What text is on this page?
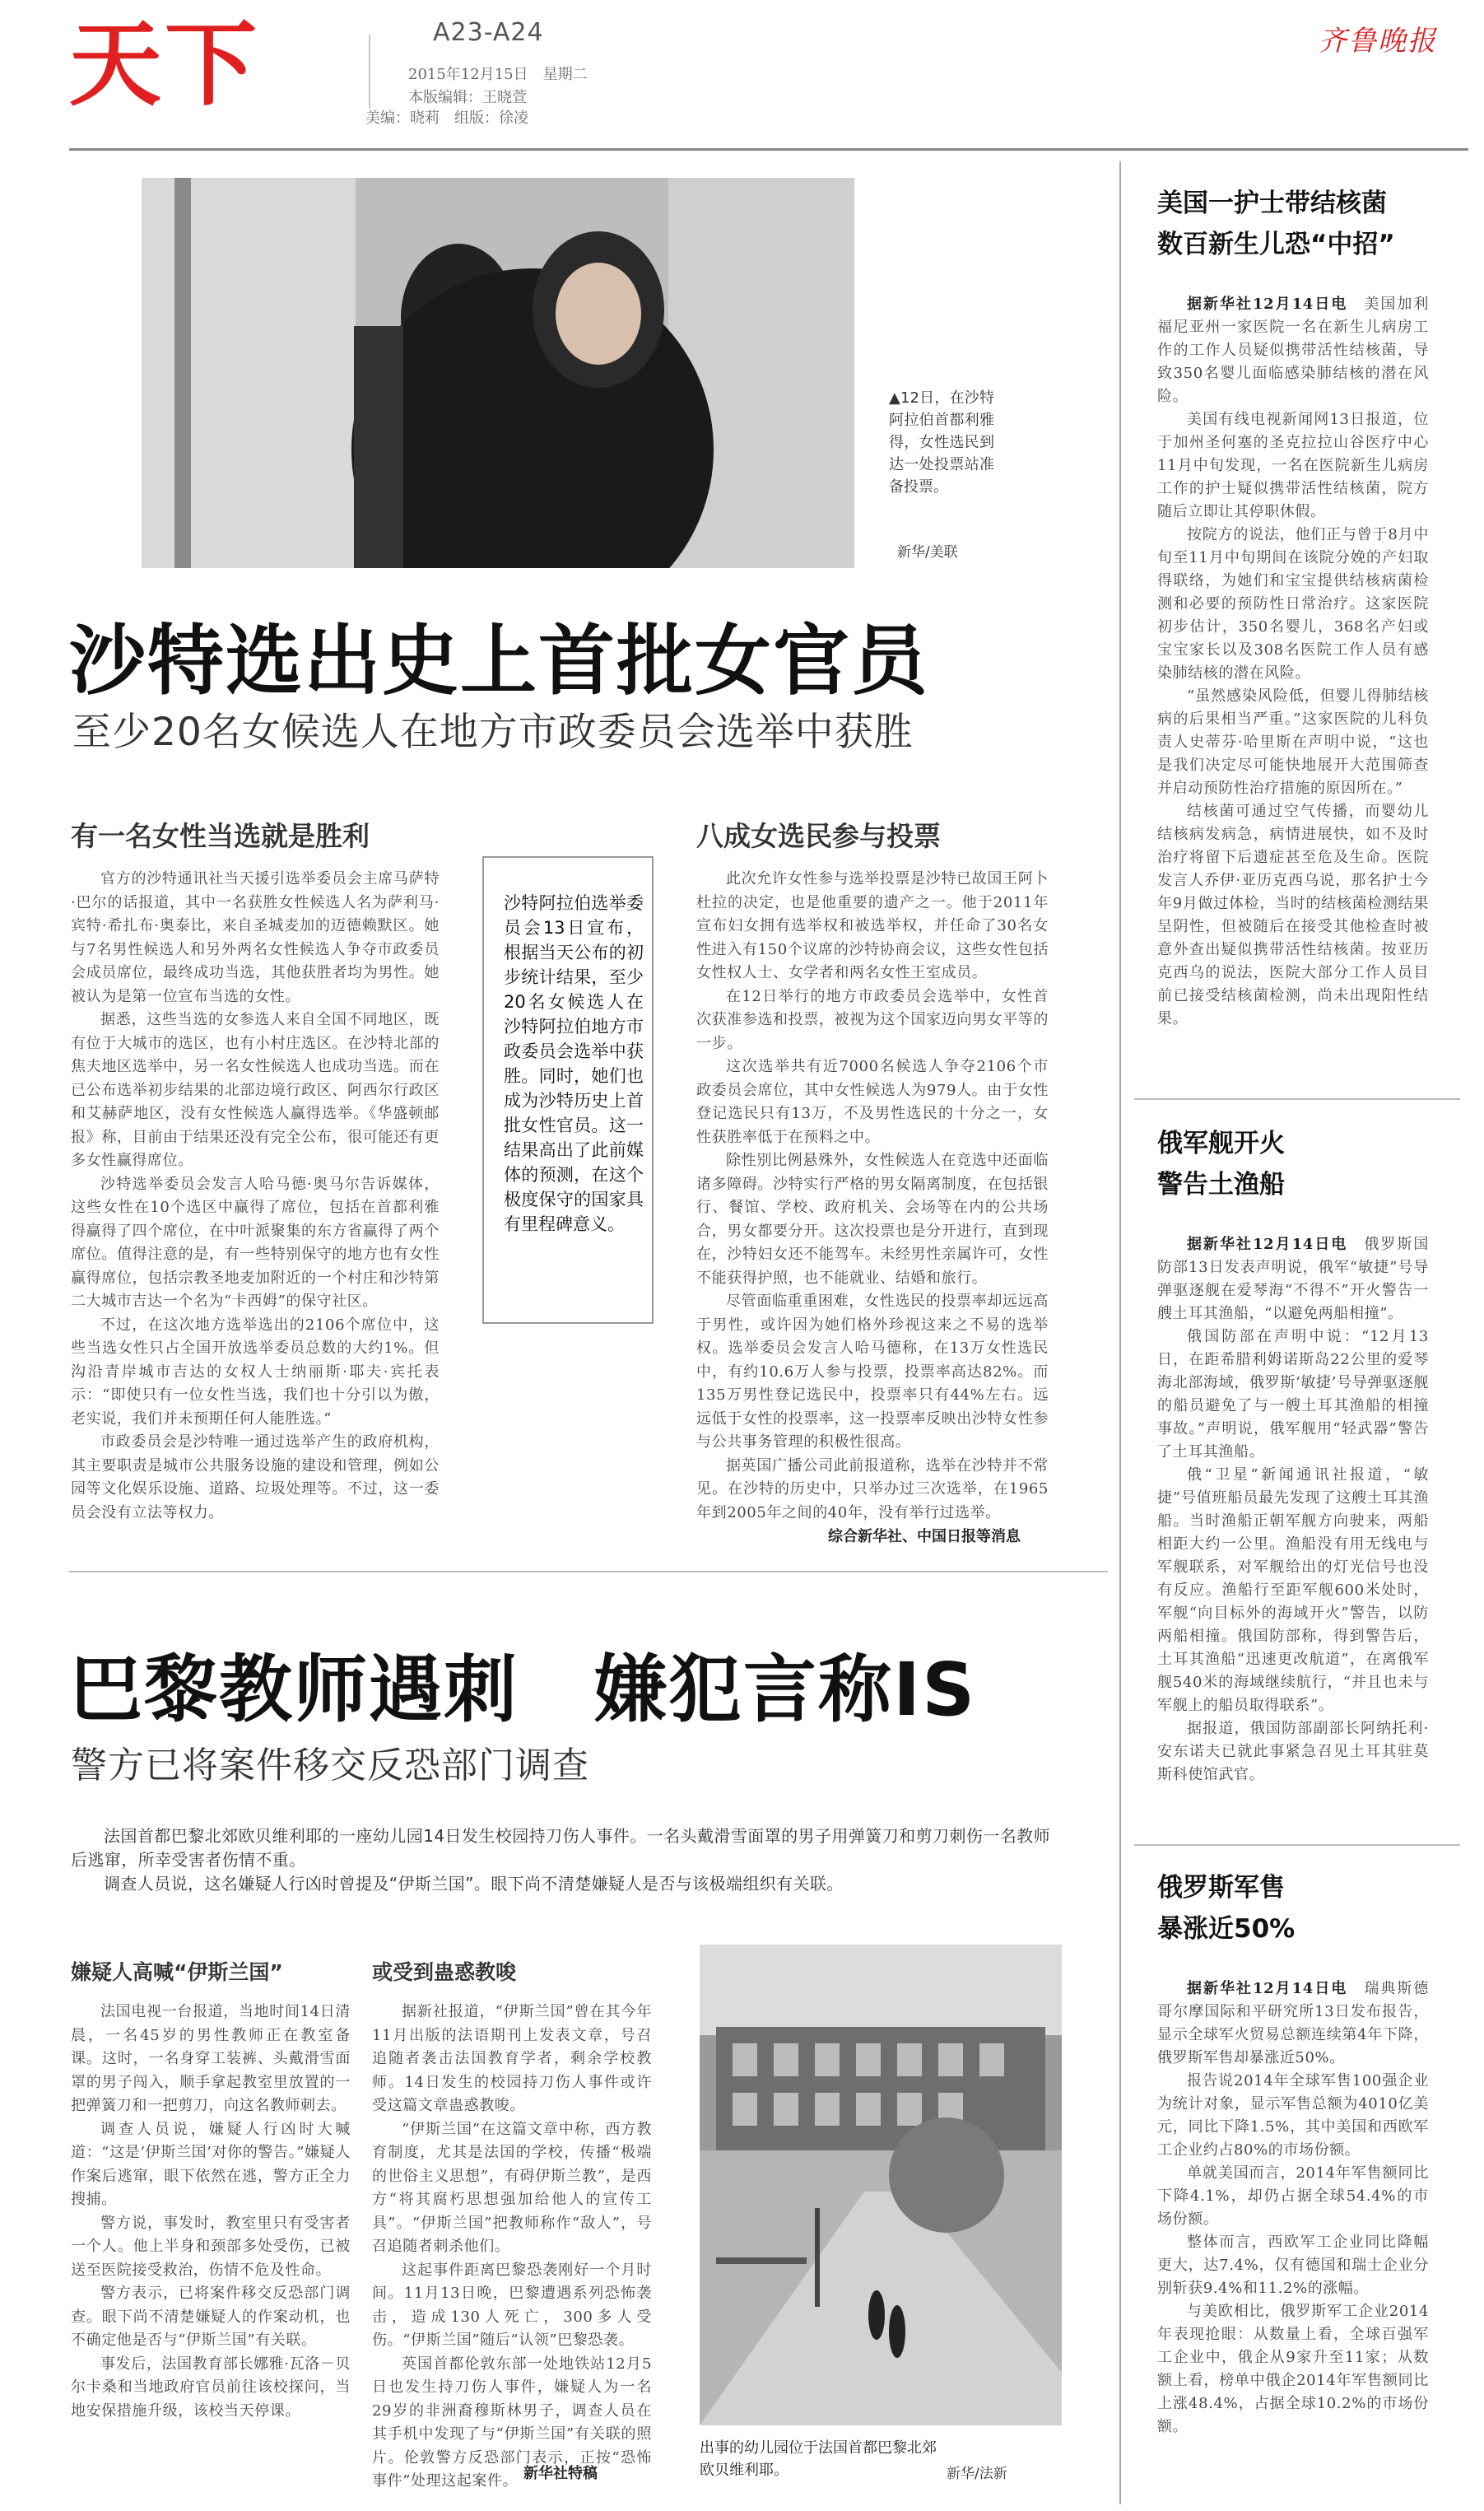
天下	A23-A24
2015年12月15日　星期二
本版编辑：王晓萱
美编：晓莉　组版：徐凌
齐鲁晚报
▲12日，在沙特阿拉伯首都利雅得，女性选民到达一处投票站准备投票。
新华/美联
沙特选出史上首批女官员
至少20名女候选人在地方市政委员会选举中获胜
有一名女性当选就是胜利	八成女选民参与投票

官方的沙特通讯社当天援引选举委员会主席马萨特·巴尔的话报道，其中一名获胜女性候选人名为萨利马·宾特·希扎布·奥泰比，来自圣城麦加的迈德赖默区。她与7名男性候选人和另外两名女性候选人争夺市政委员会成员席位，最终成功当选，其他获胜者均为男性。她被认为是第一位宣布当选的女性。

据悉，这些当选的女参选人来自全国不同地区，既有位于大城市的选区，也有小村庄选区。在沙特北部的焦夫地区选举中，另一名女性候选人也成功当选。而在已公布选举初步结果的北部边境行政区、阿西尔行政区和艾赫萨地区，没有女性候选人赢得选举。《华盛顿邮报》称，目前由于结果还没有完全公布，很可能还有更多女性赢得席位。

沙特选举委员会发言人哈马德·奥马尔告诉媒体，这些女性在10个选区中赢得了席位，包括在首都利雅得赢得了四个席位，在中叶派聚集的东方省赢得了两个席位。值得注意的是，有一些特别保守的地方也有女性赢得席位，包括宗教圣地麦加附近的一个村庄和沙特第二大城市吉达一个名为“卡西姆”的保守社区。

不过，在这次地方选举选出的2106个席位中，这些当选女性只占全国开放选举委员总数的大约1%。但沟沿青岸城市吉达的女权人士纳丽斯·耶夫·宾托表示：“即使只有一位女性当选，我们也十分引以为傲，老实说，我们并未预期任何人能胜选。”

市政委员会是沙特唯一通过选举产生的政府机构，其主要职责是城市公共服务设施的建设和管理，例如公园等文化娱乐设施、道路、垃圾处理等。不过，这一委员会没有立法等权力。

沙特阿拉伯选举委员会13日宣布，根据当天公布的初步统计结果，至少20名女候选人在沙特阿拉伯地方市政委员会选举中获胜。同时，她们也成为沙特历史上首批女性官员。这一结果高出了此前媒体的预测，在这个极度保守的国家具有里程碑意义。

此次允许女性参与选举投票是沙特已故国王阿卜杜拉的决定，也是他重要的遗产之一。他于2011年宣布妇女拥有选举权和被选举权，并任命了30名女性进入有150个议席的沙特协商会议，这些女性包括女性权人士、女学者和两名女性王室成员。

在12日举行的地方市政委员会选举中，女性首次获准参选和投票，被视为这个国家迈向男女平等的一步。

这次选举共有近7000名候选人争夺2106个市政委员会席位，其中女性候选人为979人。由于女性登记选民只有13万，不及男性选民的十分之一，女性获胜率低于在预料之中。

除性别比例悬殊外，女性候选人在竞选中还面临诸多障碍。沙特实行严格的男女隔离制度，在包括银行、餐馆、学校、政府机关、会场等在内的公共场合，男女都要分开。这次投票也是分开进行，直到现在，沙特妇女还不能驾车。未经男性亲属许可，女性不能获得护照，也不能就业、结婚和旅行。

尽管面临重重困难，女性选民的投票率却远远高于男性，或许因为她们格外珍视这来之不易的选举权。选举委员会发言人哈马德称，在13万女性选民中，有约10.6万人参与投票，投票率高达82%。而135万男性登记选民中，投票率只有44%左右。远远低于女性的投票率，这一投票率反映出沙特女性参与公共事务管理的积极性很高。

据英国广播公司此前报道称，选举在沙特并不常见。在沙特的历史中，只举办过三次选举，在1965年到2005年之间的40年，没有举行过选举。

综合新华社、中国日报等消息
巴黎教师遇刺　嫌犯言称IS
警方已将案件移交反恐部门调查

法国首都巴黎北郊欧贝维利耶的一座幼儿园14日发生校园持刀伤人事件。一名头戴滑雪面罩的男子用弹簧刀和剪刀刺伤一名教师后逃窜，所幸受害者伤情不重。

调查人员说，这名嫌疑人行凶时曾提及“伊斯兰国”。眼下尚不清楚嫌疑人是否与该极端组织有关联。

嫌疑人高喊“伊斯兰国”	或受到蛊惑教唆

法国电视一台报道，当地时间14日清晨，一名45岁的男性教师正在教室备课。这时，一名身穿工装裤、头戴滑雪面罩的男子闯入，顺手拿起教室里放置的一把弹簧刀和一把剪刀，向这名教师刺去。

调查人员说，嫌疑人行凶时大喊道：“这是‘伊斯兰国’对你的警告。”嫌疑人作案后逃窜，眼下依然在逃，警方正全力搜捕。

警方说，事发时，教室里只有受害者一个人。他上半身和颈部多处受伤，已被送至医院接受救治，伤情不危及性命。

警方表示，已将案件移交反恐部门调查。眼下尚不清楚嫌疑人的作案动机，也不确定他是否与“伊斯兰国”有关联。

事发后，法国教育部长娜雅·瓦洛－贝尔卡桑和当地政府官员前往该校探问，当地安保措施升级，该校当天停课。

据新社报道，“伊斯兰国”曾在其今年11月出版的法语期刊上发表文章，号召追随者袭击法国教育学者，剩余学校教师。14日发生的校园持刀伤人事件或许受这篇文章蛊惑教唆。

“伊斯兰国”在这篇文章中称，西方教育制度，尤其是法国的学校，传播“极端的世俗主义思想”，有碍伊斯兰教”，是西方“将其腐朽思想强加给他人的宣传工具”。“伊斯兰国”把教师称作“敌人”，号召追随者刺杀他们。

这起事件距离巴黎恐袭刚好一个月时间。11月13日晚，巴黎遭遇系列恐怖袭击，造成130人死亡，300多人受伤。“伊斯兰国”随后“认领”巴黎恐袭。

英国首都伦敦东部一处地铁站12月5日也发生持刀伤人事件，嫌疑人为一名29岁的非洲裔穆斯林男子，调查人员在其手机中发现了与“伊斯兰国”有关联的照片。伦敦警方反恐部门表示，正按“恐怖事件”处理这起案件。 新华社特稿
出事的幼儿园位于法国首都巴黎北郊欧贝维利耶。	新华/法新
美国一护士带结核菌
数百新生儿恐“中招”

据新华社12月14日电　 美国加利福尼亚州一家医院一名在新生儿病房工作的工作人员疑似携带活性结核菌，导致350名婴儿面临感染肺结核的潜在风险。

美国有线电视新闻网13日报道，位于加州圣何塞的圣克拉拉山谷医疗中心11月中旬发现，一名在医院新生儿病房工作的护士疑似携带活性结核菌，院方随后立即让其停职休假。

按院方的说法，他们正与曾于8月中旬至11月中旬期间在该院分娩的产妇取得联络，为她们和宝宝提供结核病菌检测和必要的预防性日常治疗。这家医院初步估计，350名婴儿，368名产妇或宝宝家长以及308名医院工作人员有感染肺结核的潜在风险。

“虽然感染风险低，但婴儿得肺结核病的后果相当严重。”这家医院的儿科负责人史蒂芬·哈里斯在声明中说，“这也是我们决定尽可能快地展开大范围筛查并启动预防性治疗措施的原因所在。”

结核菌可通过空气传播，而婴幼儿结核病发病急，病情进展快，如不及时治疗将留下后遗症甚至危及生命。医院发言人乔伊·亚历克西乌说，那名护士今年9月做过体检，当时的结核菌检测结果呈阴性，但被随后在接受其他检查时被意外查出疑似携带活性结核菌。按亚历克西乌的说法，医院大部分工作人员目前已接受结核菌检测，尚未出现阳性结果。

俄军舰开火
警告土渔船

据新华社12月14日电　 俄罗斯国防部13日发表声明说，俄军“敏捷”号导弹驱逐舰在爱琴海“不得不”开火警告一艘土耳其渔船，“以避免两船相撞”。

俄国防部在声明中说：“12月13日，在距希腊利姆诺斯岛22公里的爱琴海北部海域，俄罗斯‘敏捷’号导弹驱逐舰的船员避免了与一艘土耳其渔船的相撞事故。”声明说，俄军舰用“轻武器”警告了土耳其渔船。

俄“卫星”新闻通讯社报道，“敏捷”号值班船员最先发现了这艘土耳其渔船。当时渔船正朝军舰方向驶来，两船相距大约一公里。渔船没有用无线电与军舰联系，对军舰给出的灯光信号也没有反应。渔船行至距军舰600米处时，军舰“向目标外的海域开火”警告，以防两船相撞。俄国防部称，得到警告后，土耳其渔船“迅速更改航道”，在离俄军舰540米的海域继续航行，“并且也未与军舰上的船员取得联系”。

据报道，俄国防部副部长阿纳托利·安东诺夫已就此事紧急召见土耳其驻莫斯科使馆武官。

俄罗斯军售
暴涨近50%

据新华社12月14日电　 瑞典斯德哥尔摩国际和平研究所13日发布报告，显示全球军火贸易总额连续第4年下降，俄罗斯军售却暴涨近50%。

报告说2014年全球军售100强企业为统计对象，显示军售总额为4010亿美元，同比下降1.5%，其中美国和西欧军工企业约占80%的市场份额。

单就美国而言，2014年军售额同比下降4.1%，却仍占据全球54.4%的市场份额。

整体而言，西欧军工企业同比降幅更大，达7.4%，仅有德国和瑞士企业分别斩获9.4%和11.2%的涨幅。

与美欧相比，俄罗斯军工企业2014年表现抢眼：从数量上看，全球百强军工企业中，俄企从9家升至11家；从数额上看，榜单中俄企2014年军售额同比上涨48.4%，占据全球10.2%的市场份额。
